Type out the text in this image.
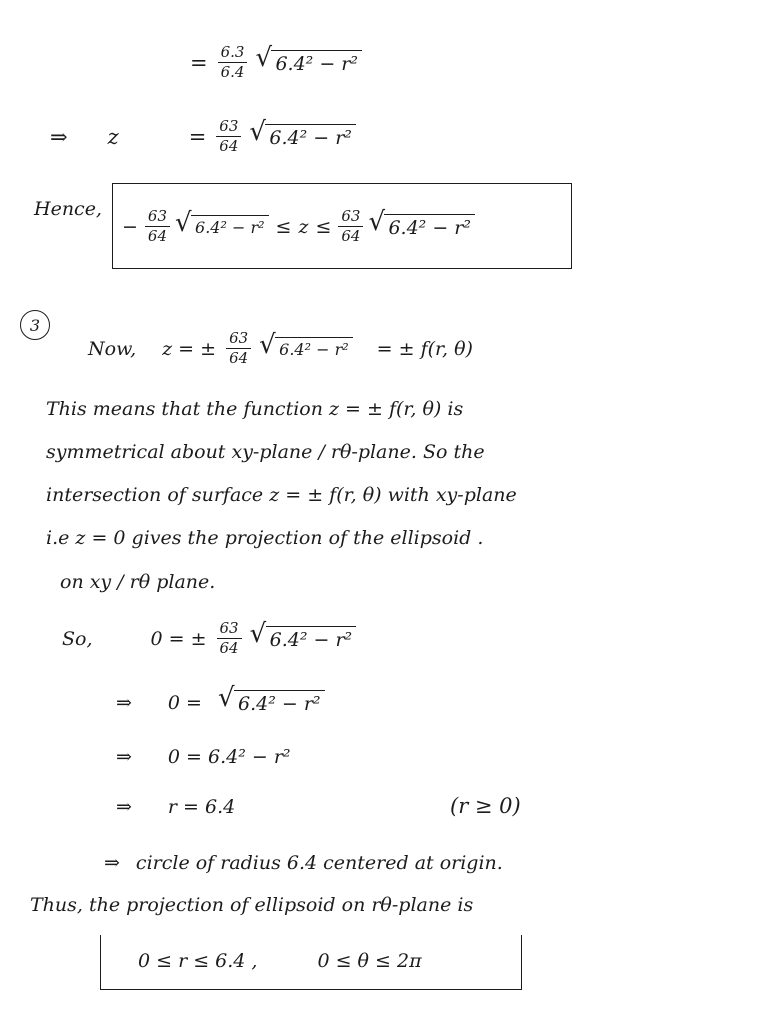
= $\frac{6.3}{6.4}$	√ 6.4² − r²
⇒ z	= $\frac{63}{64}$	√ 6.4² − r²
Hence,
− $\frac{63}{64}$	√ $6.4^2 - r^2 \le z \le \frac{63}{64}$	√ 6.4² − r²
3
Now, z = ± $\frac{63}{64}$	√ 6.4² − r² = ± f(r, θ)
This means that the function z = ± f(r, θ) is
symmetrical about xy-plane / rθ-plane. So the
intersection of surface z = ± f(r, θ) with xy-plane
i.e z = 0 gives the projection of the ellipsoid .
on xy / rθ plane.
So,	0 = ± $\frac{63}{64}$	√ 6.4² − r²
⇒ 0 =	√ 6.4² − r²
⇒ 0 = 6.4² − r²
⇒ r = 6.4	(r ≥ 0)
⇒ circle of radius 6.4 centered at origin.
Thus, the projection of ellipsoid on rθ-plane is
0 ≤ r ≤ 6.4 ,	0 ≤ θ ≤ 2π
